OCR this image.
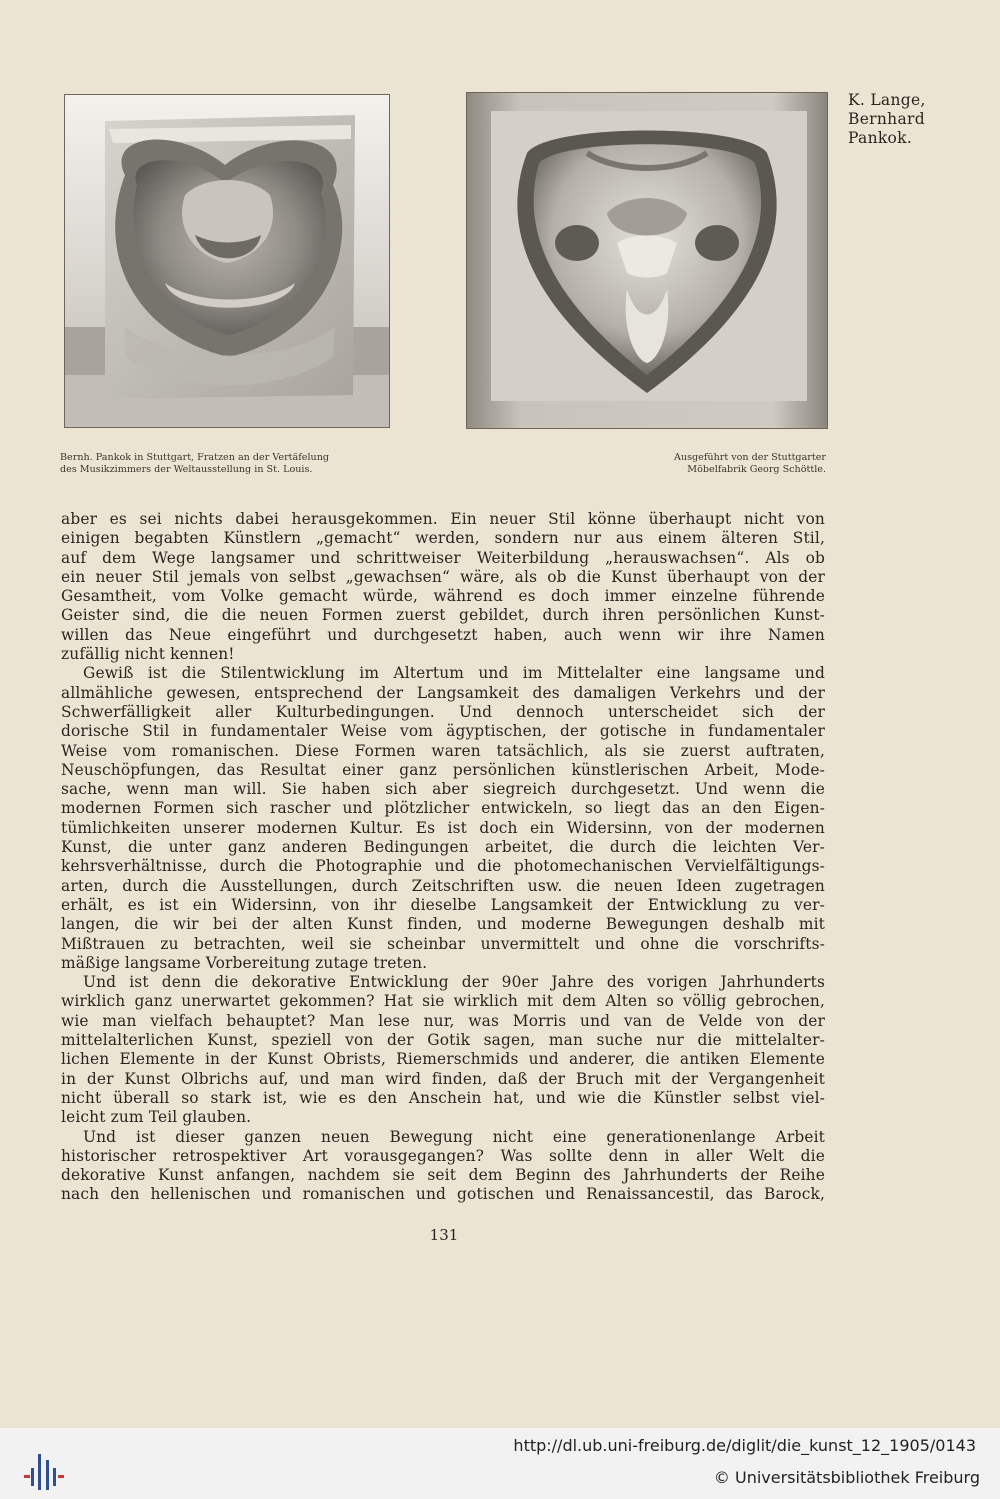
K. Lange,
Bernhard
Pankok.
Bernh. Pankok in Stuttgart, Fratzen an der Vertäfelung
des Musikzimmers der Weltausstellung in St. Louis.
Ausgeführt von der Stuttgarter
Möbelfabrik Georg Schöttle.

aber es sei nichts dabei herausgekommen. Ein neuer Stil könne überhaupt nicht von

einigen begabten Künstlern „gemacht“ werden, sondern nur aus einem älteren Stil,

auf dem Wege langsamer und schrittweiser Weiterbildung „herauswachsen“. Als ob

ein neuer Stil jemals von selbst „gewachsen“ wäre, als ob die Kunst überhaupt von der

Gesamtheit, vom Volke gemacht würde, während es doch immer einzelne führende

Geister sind, die die neuen Formen zuerst gebildet, durch ihren persönlichen Kunst-

willen das Neue eingeführt und durchgesetzt haben, auch wenn wir ihre Namen

zufällig nicht kennen!

Gewiß ist die Stilentwicklung im Altertum und im Mittelalter eine langsame und

allmähliche gewesen, entsprechend der Langsamkeit des damaligen Verkehrs und der

Schwerfälligkeit aller Kulturbedingungen. Und dennoch unterscheidet sich der

dorische Stil in fundamentaler Weise vom ägyptischen, der gotische in fundamentaler

Weise vom romanischen. Diese Formen waren tatsächlich, als sie zuerst auftraten,

Neuschöpfungen, das Resultat einer ganz persönlichen künstlerischen Arbeit, Mode-

sache, wenn man will. Sie haben sich aber siegreich durchgesetzt. Und wenn die

modernen Formen sich rascher und plötzlicher entwickeln, so liegt das an den Eigen-

tümlichkeiten unserer modernen Kultur. Es ist doch ein Widersinn, von der modernen

Kunst, die unter ganz anderen Bedingungen arbeitet, die durch die leichten Ver-

kehrsverhältnisse, durch die Photographie und die photomechanischen Vervielfältigungs-

arten, durch die Ausstellungen, durch Zeitschriften usw. die neuen Ideen zugetragen

erhält, es ist ein Widersinn, von ihr dieselbe Langsamkeit der Entwicklung zu ver-

langen, die wir bei der alten Kunst finden, und moderne Bewegungen deshalb mit

Mißtrauen zu betrachten, weil sie scheinbar unvermittelt und ohne die vorschrifts-

mäßige langsame Vorbereitung zutage treten.

Und ist denn die dekorative Entwicklung der 90er Jahre des vorigen Jahrhunderts

wirklich ganz unerwartet gekommen? Hat sie wirklich mit dem Alten so völlig gebrochen,

wie man vielfach behauptet? Man lese nur, was Morris und van de Velde von der

mittelalterlichen Kunst, speziell von der Gotik sagen, man suche nur die mittelalter-

lichen Elemente in der Kunst Obrists, Riemerschmids und anderer, die antiken Elemente

in der Kunst Olbrichs auf, und man wird finden, daß der Bruch mit der Vergangenheit

nicht überall so stark ist, wie es den Anschein hat, und wie die Künstler selbst viel-

leicht zum Teil glauben.

Und ist dieser ganzen neuen Bewegung nicht eine generationenlange Arbeit

historischer retrospektiver Art vorausgegangen? Was sollte denn in aller Welt die

dekorative Kunst anfangen, nachdem sie seit dem Beginn des Jahrhunderts der Reihe

nach den hellenischen und romanischen und gotischen und Renaissancestil, das Barock,

131
http://dl.ub.uni-freiburg.de/diglit/die_kunst_12_1905/0143
© Universitätsbibliothek Freiburg
